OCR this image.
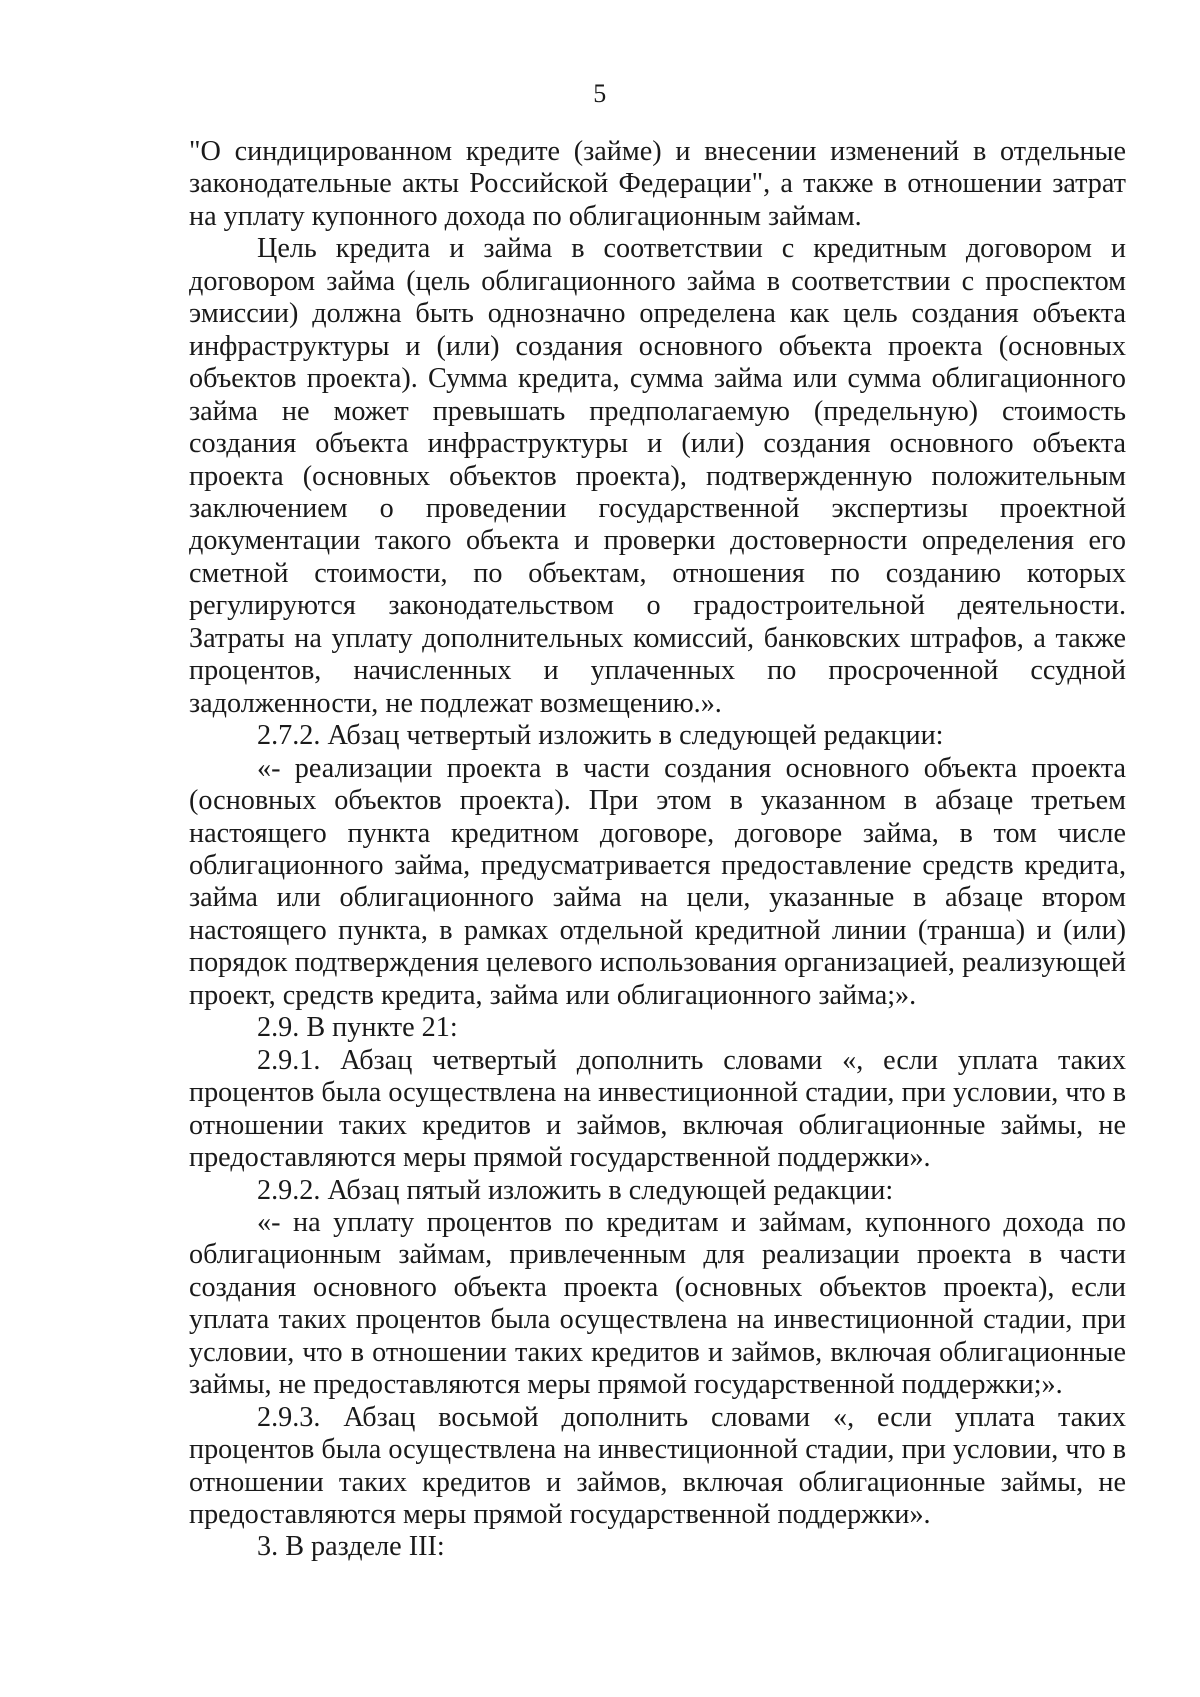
5

"О синдицированном кредите (займе) и внесении изменений в отдельные законодательные акты Российской Федерации", а также в отношении затрат на уплату купонного дохода по облигационным займам.

Цель кредита и займа в соответствии с кредитным договором и договором займа (цель облигационного займа в соответствии с проспектом эмиссии) должна быть однозначно определена как цель создания объекта инфраструктуры и (или) создания основного объекта проекта (основных объектов проекта). Сумма кредита, сумма займа или сумма облигационного займа не может превышать предполагаемую (предельную) стоимость создания объекта инфраструктуры и (или) создания основного объекта проекта (основных объектов проекта), подтвержденную положительным заключением о проведении государственной экспертизы проектной документации такого объекта и проверки достоверности определения его сметной стоимости, по объектам, отношения по созданию которых регулируются законодательством о градостроительной деятельности. Затраты на уплату дополнительных комиссий, банковских штрафов, а также процентов, начисленных и уплаченных по просроченной ссудной задолженности, не подлежат возмещению.».

2.7.2. Абзац четвертый изложить в следующей редакции:

«- реализации проекта в части создания основного объекта проекта (основных объектов проекта). При этом в указанном в абзаце третьем настоящего пункта кредитном договоре, договоре займа, в том числе облигационного займа, предусматривается предоставление средств кредита, займа или облигационного займа на цели, указанные в абзаце втором настоящего пункта, в рамках отдельной кредитной линии (транша) и (или) порядок подтверждения целевого использования организацией, реализующей проект, средств кредита, займа или облигационного займа;».

2.9. В пункте 21:

2.9.1. Абзац четвертый дополнить словами «, если уплата таких процентов была осуществлена на инвестиционной стадии, при условии, что в отношении таких кредитов и займов, включая облигационные займы, не предоставляются меры прямой государственной поддержки».

2.9.2. Абзац пятый изложить в следующей редакции:

«- на уплату процентов по кредитам и займам, купонного дохода по облигационным займам, привлеченным для реализации проекта в части создания основного объекта проекта (основных объектов проекта), если уплата таких процентов была осуществлена на инвестиционной стадии, при условии, что в отношении таких кредитов и займов, включая облигационные займы, не предоставляются меры прямой государственной поддержки;».

2.9.3. Абзац восьмой дополнить словами «, если уплата таких процентов была осуществлена на инвестиционной стадии, при условии, что в отношении таких кредитов и займов, включая облигационные займы, не предоставляются меры прямой государственной поддержки».

3. В разделе III:
